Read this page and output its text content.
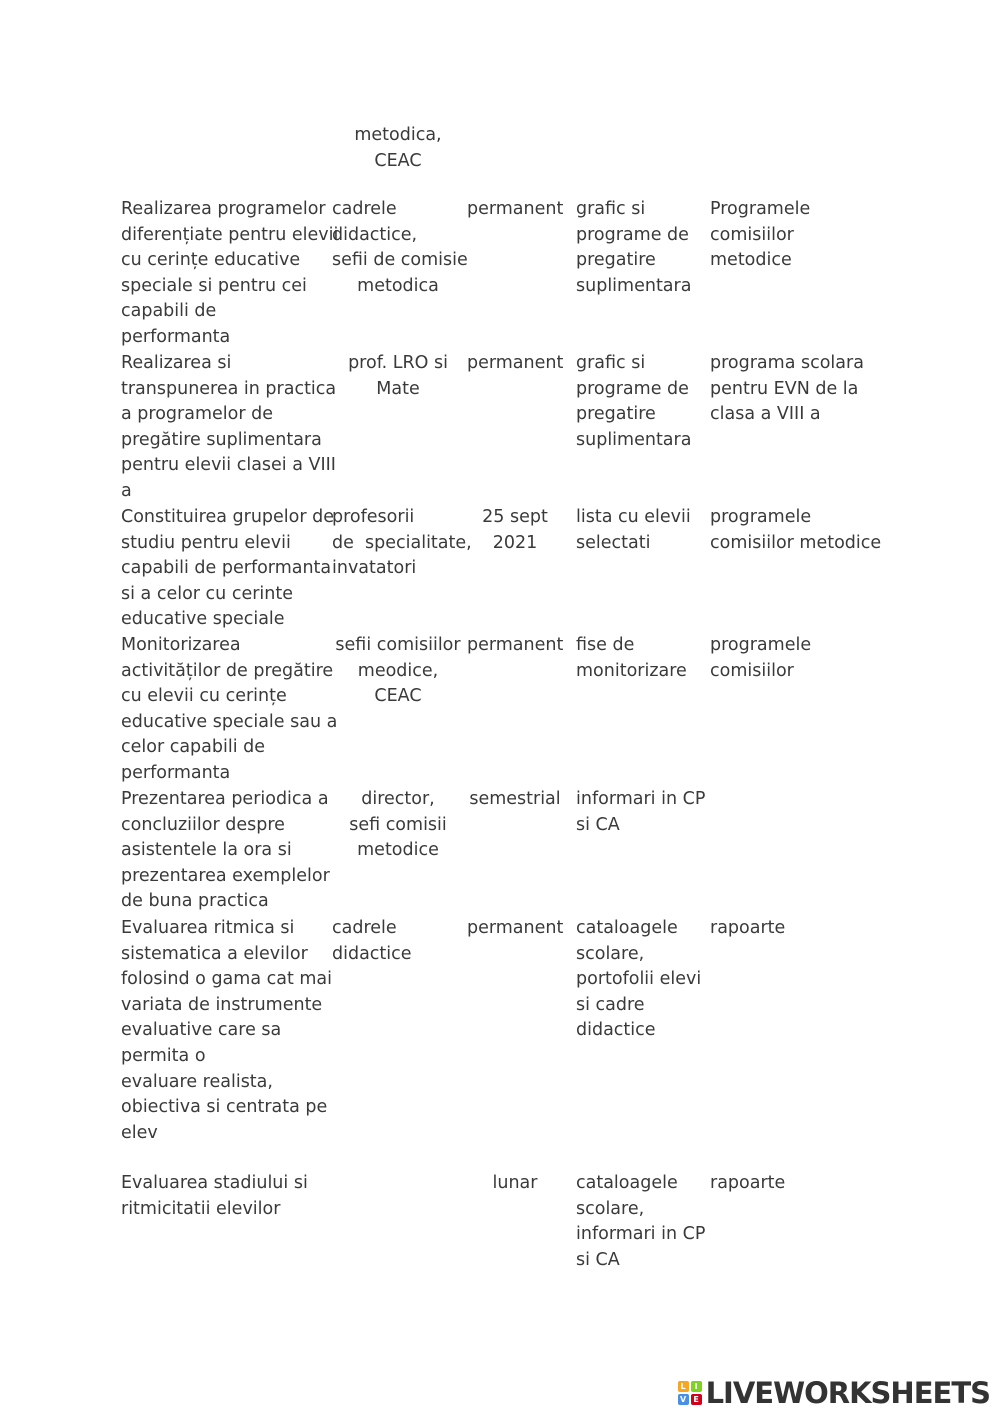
metodica,
CEAC
Realizarea programelor
diferențiate pentru elevii
cu cerințe educative
speciale si pentru cei
capabili de
performanta
cadrele
didactice,
sefii de comisie
metodica
permanent grafic si
programe de
pregatire
suplimentara
Programele
comisiilor
metodice
Realizarea si
transpunerea in practica
a programelor de
pregătire suplimentara
pentru elevii clasei a VIII
a
prof. LRO si
Mate
permanent grafic si
programe de
pregatire
suplimentara
programa scolara
pentru EVN de la
clasa a VIII a
Constituirea grupelor de
studiu pentru elevii
capabili de performanta
si a celor cu cerinte
educative speciale
profesorii
de  specialitate,
invatatori
25 sept
2021
lista cu elevii
selectati
programele
comisiilor metodice
Monitorizarea
activităților de pregătire
cu elevii cu cerințe
educative speciale sau a
celor capabili de
performanta
sefii comisiilor
meodice,
CEAC
permanent fise de
monitorizare
programele
comisiilor
Prezentarea periodica a
concluziilor despre
asistentele la ora si
prezentarea exemplelor
de buna practica
director,
sefi comisii
metodice
semestrial informari in CP
si CA
Evaluarea ritmica si
sistematica a elevilor
folosind o gama cat mai
variata de instrumente
evaluative care sa
permita o
evaluare realista,
obiectiva si centrata pe
elev
cadrele
didactice
permanent cataloagele
scolare,
portofolii elevi
si cadre
didactice
rapoarte
Evaluarea stadiului si
ritmicitatii elevilor
lunar	cataloagele
scolare,
informari in CP
si CA
rapoarte
L	I
V E LIVEWORKSHEETS
